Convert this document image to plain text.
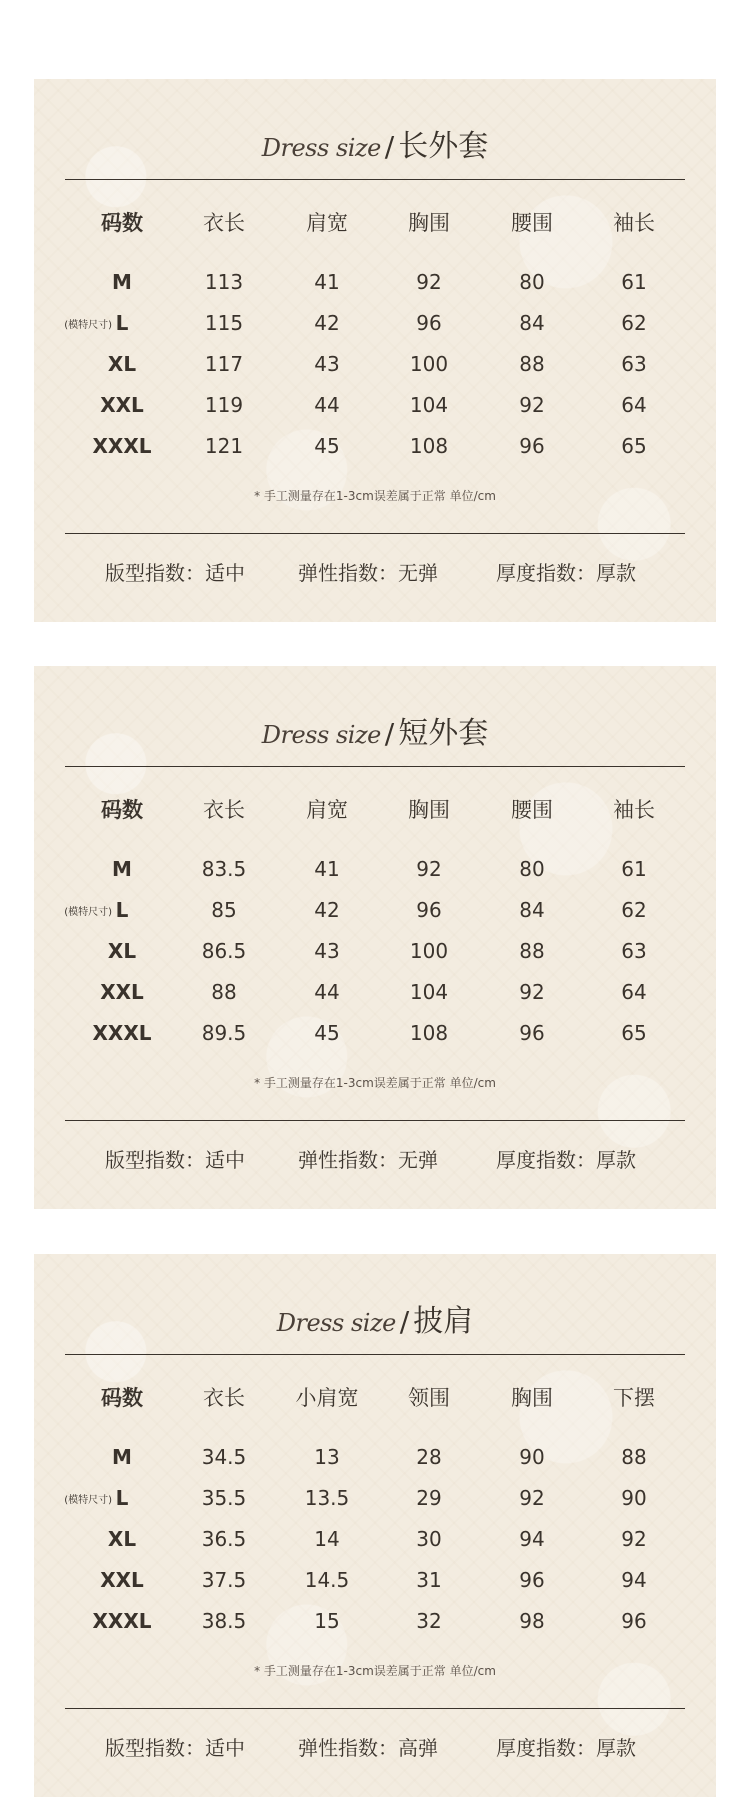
Dress size / 长外套
码数	衣长	肩宽	胸围	腰围	袖长
M	113	41	92	80	61
(模特尺寸) L	115	42	96	84	62
XL	117	43	100	88	63
XXL	119	44	104	92	64
XXXL	121	45	108	96	65
* 手工测量存在1-3cm误差属于正常 单位/cm
版型指数：适中	弹性指数：无弹	厚度指数：厚款
Dress size / 短外套
码数	衣长	肩宽	胸围	腰围	袖长
M	83.5	41	92	80	61
(模特尺寸) L	85	42	96	84	62
XL	86.5	43	100	88	63
XXL	88	44	104	92	64
XXXL	89.5	45	108	96	65
* 手工测量存在1-3cm误差属于正常 单位/cm
版型指数：适中	弹性指数：无弹	厚度指数：厚款
Dress size / 披肩
码数	衣长	小肩宽	领围	胸围	下摆
M	34.5	13	28	90	88
(模特尺寸) L	35.5	13.5	29	92	90
XL	36.5	14	30	94	92
XXL	37.5	14.5	31	96	94
XXXL	38.5	15	32	98	96
* 手工测量存在1-3cm误差属于正常 单位/cm
版型指数：适中	弹性指数：高弹	厚度指数：厚款
